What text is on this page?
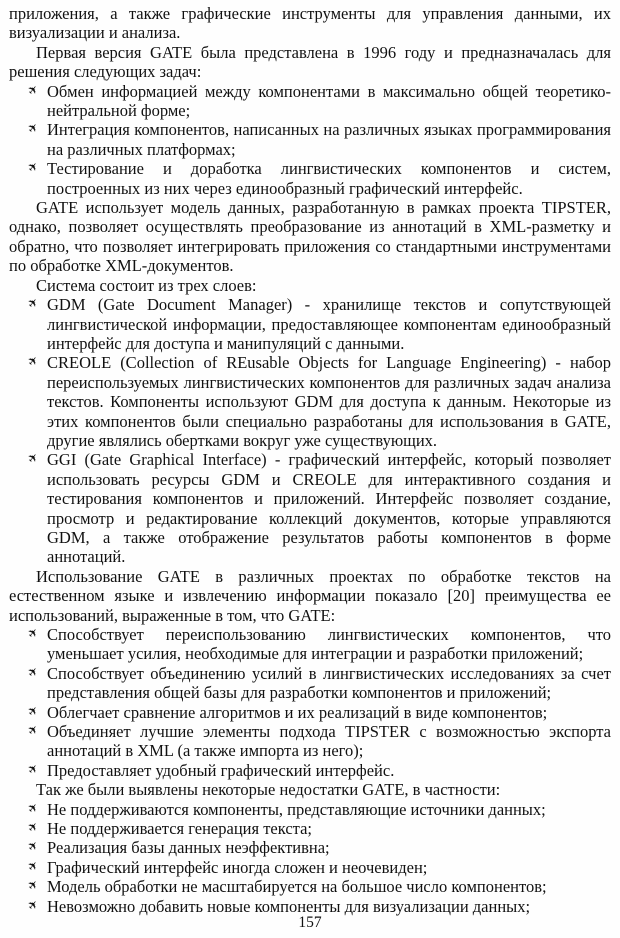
приложения, а также графические инструменты для управления данными, их визуализации и анализа.
Первая версия GATE была представлена в 1996 году и предназначалась для решения следующих задач:
✈ Обмен информацией между компонентами в максимально общей теоретико-нейтральной форме;
✈ Интеграция компонентов, написанных на различных языках программирования на различных платформах;
✈ Тестирование и доработка лингвистических компонентов и систем, построенных из них через единообразный графический интерфейс.
GATE использует модель данных, разработанную в рамках проекта TIPSTER, однако, позволяет осуществлять преобразование из аннотаций в XML-разметку и обратно, что позволяет интегрировать приложения со стандартными инструментами по обработке XML-документов.
Система состоит из трех слоев:
✈ GDM (Gate Document Manager) - хранилище текстов и сопутствующей лингвистической информации, предоставляющее компонентам единообразный интерфейс для доступа и манипуляций с данными.
✈ CREOLE (Collection of REusable Objects for Language Engineering) - набор переиспользуемых лингвистических компонентов для различных задач анализа текстов. Компоненты используют GDM для доступа к данным. Некоторые из этих компонентов были специально разработаны для использования в GATE, другие являлись обертками вокруг уже существующих.
✈ GGI (Gate Graphical Interface) - графический интерфейс, который позволяет использовать ресурсы GDM и CREOLE для интерактивного создания и тестирования компонентов и приложений. Интерфейс позволяет создание, просмотр и редактирование коллекций документов, которые управляются GDM, а также отображение результатов работы компонентов в форме аннотаций.
Использование GATE в различных проектах по обработке текстов на естественном языке и извлечению информации показало [20] преимущества ее использований, выраженные в том, что GATE:
✈ Способствует переиспользованию лингвистических компонентов, что уменьшает усилия, необходимые для интеграции и разработки приложений;
✈ Способствует объединению усилий в лингвистических исследованиях за счет представления общей базы для разработки компонентов и приложений;
✈ Облегчает сравнение алгоритмов и их реализаций в виде компонентов;
✈ Объединяет лучшие элементы подхода TIPSTER с возможностью экспорта аннотаций в XML (а также импорта из него);
✈ Предоставляет удобный графический интерфейс.
Так же были выявлены некоторые недостатки GATE, в частности:
✈ Не поддерживаются компоненты, представляющие источники данных;
✈ Не поддерживается генерация текста;
✈ Реализация базы данных неэффективна;
✈ Графический интерфейс иногда сложен и неочевиден;
✈ Модель обработки не масштабируется на большое число компонентов;
✈ Невозможно добавить новые компоненты для визуализации данных;
157
